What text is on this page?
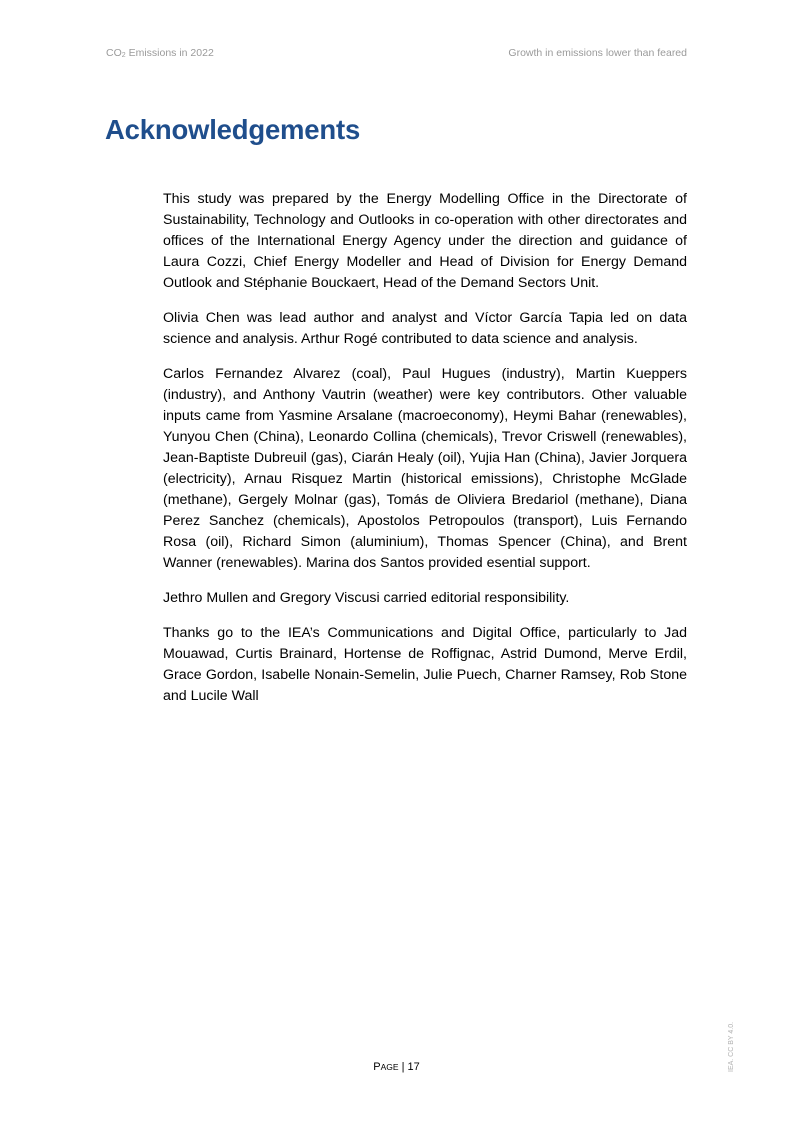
$CO_2$ Emissions in 2022	Growth in emissions lower than feared
Acknowledgements

This study was prepared by the Energy Modelling Office in the Directorate of Sustainability, Technology and Outlooks in co-operation with other directorates and offices of the International Energy Agency under the direction and guidance of Laura Cozzi, Chief Energy Modeller and Head of Division for Energy Demand Outlook and Stéphanie Bouckaert, Head of the Demand Sectors Unit.

Olivia Chen was lead author and analyst and Víctor García Tapia led on data science and analysis. Arthur Rogé contributed to data science and analysis.

Carlos Fernandez Alvarez (coal), Paul Hugues (industry), Martin Kueppers (industry), and Anthony Vautrin (weather) were key contributors. Other valuable inputs came from Yasmine Arsalane (macroeconomy), Heymi Bahar (renewables), Yunyou Chen (China), Leonardo Collina (chemicals), Trevor Criswell (renewables), Jean-Baptiste Dubreuil (gas), Ciarán Healy (oil), Yujia Han (China), Javier Jorquera (electricity), Arnau Risquez Martin (historical emissions), Christophe McGlade (methane), Gergely Molnar (gas), Tomás de Oliviera Bredariol (methane), Diana Perez Sanchez (chemicals), Apostolos Petropoulos (transport), Luis Fernando Rosa (oil), Richard Simon (aluminium), Thomas Spencer (China), and Brent Wanner (renewables). Marina dos Santos provided esential support.

Jethro Mullen and Gregory Viscusi carried editorial responsibility.

Thanks go to the IEA’s Communications and Digital Office, particularly to Jad Mouawad, Curtis Brainard, Hortense de Roffignac, Astrid Dumond, Merve Erdil, Grace Gordon, Isabelle Nonain-Semelin, Julie Puech, Charner Ramsey, Rob Stone and Lucile Wall

PAGE | 17	IEA. CC BY 4.0.
